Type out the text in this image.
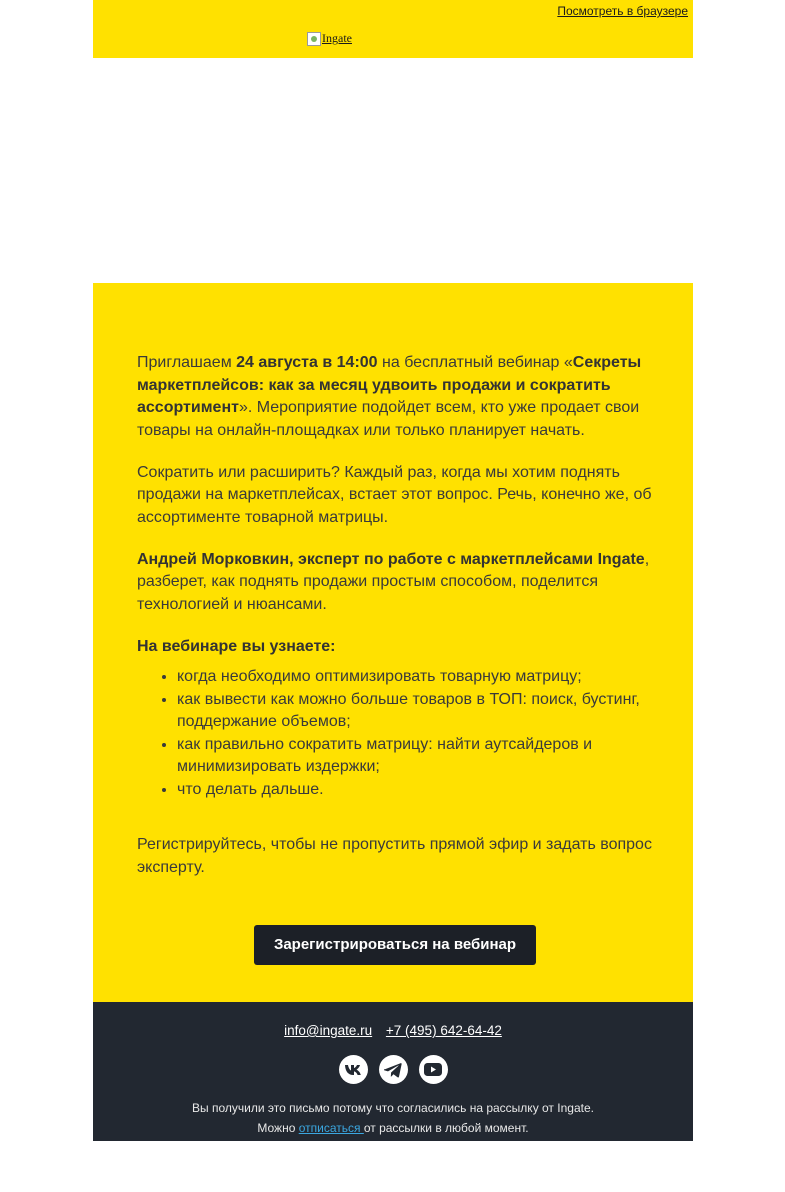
Посмотреть в браузере
Ingate

Приглашаем 24 августа в 14:00 на бесплатный вебинар «Секреты маркетплейсов: как за месяц удвоить продажи и сократить ассортимент». Мероприятие подойдет всем, кто уже продает свои товары на онлайн-площадках или только планирует начать.

Сократить или расширить? Каждый раз, когда мы хотим поднять продажи на маркетплейсах, встает этот вопрос. Речь, конечно же, об ассортименте товарной матрицы.

Андрей Морковкин, эксперт по работе с маркетплейсами Ingate, разберет, как поднять продажи простым способом, поделится технологией и нюансами.

На вебинаре вы узнаете:

• когда необходимо оптимизировать товарную матрицу;
• как вывести как можно больше товаров в ТОП: поиск, бустинг, поддержание объемов;
• как правильно сократить матрицу: найти аутсайдеров и минимизировать издержки;
• что делать дальше.

Регистрируйтесь, чтобы не пропустить прямой эфир и задать вопрос эксперту.

Зарегистрироваться на вебинар
info@ingate.ru +7 (495) 642-64-42
Вы получили это письмо потому что согласились на рассылку от Ingate.
Можно отписаться от рассылки в любой момент.
